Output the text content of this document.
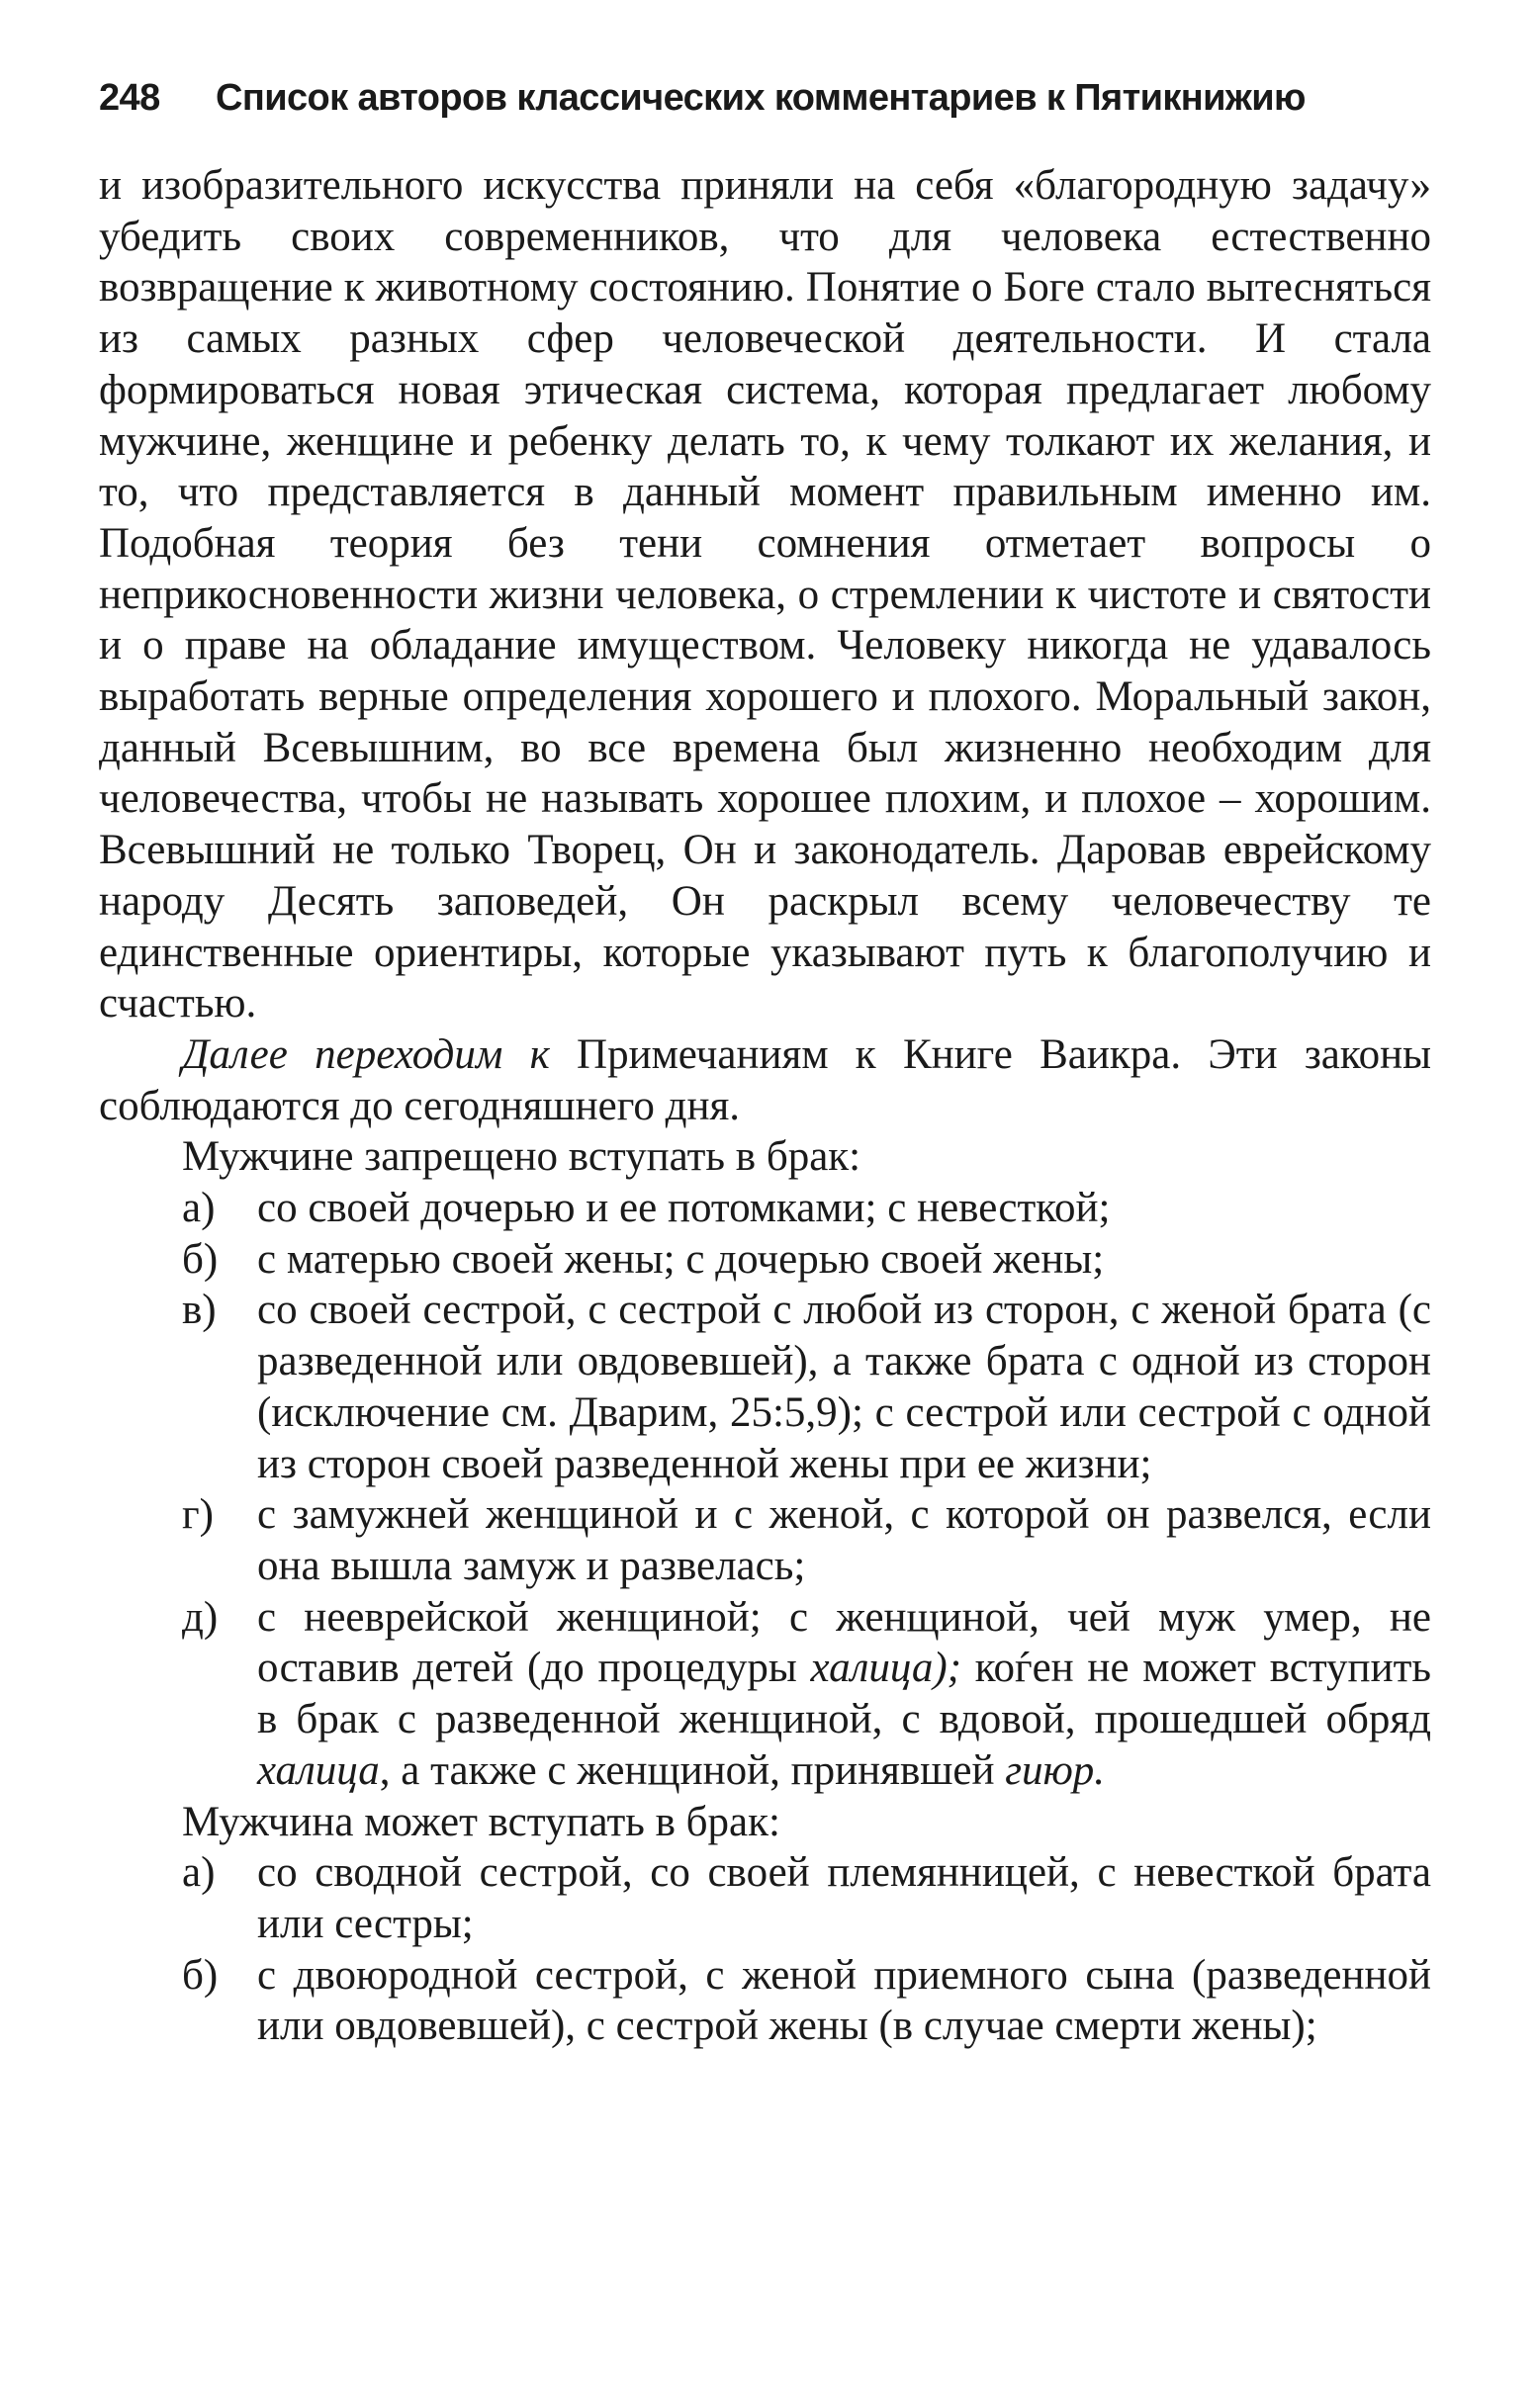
248 Список авторов классических комментариев к Пятикнижию

и изобразительного искусства приняли на себя «благородную задачу» убедить своих современников, что для человека естественно возвращение к животному состоянию. Понятие о Боге стало вытесняться из самых разных сфер человеческой деятельности. И стала формироваться новая этическая система, которая предлагает любому мужчине, женщине и ребенку делать то, к чему толкают их желания, и то, что представляется в данный момент правильным именно им. Подобная теория без тени сомнения отметает вопросы о неприкосновенности жизни человека, о стремлении к чистоте и святости и о праве на обладание имуществом. Человеку никогда не удавалось выработать верные определения хорошего и плохого. Моральный закон, данный Всевышним, во все времена был жизненно необходим для человечества, чтобы не называть хорошее плохим, и плохое – хорошим. Всевышний не только Творец, Он и законодатель. Даровав еврейскому народу Десять заповедей, Он раскрыл всему человечеству те единственные ориентиры, которые указывают путь к благополучию и счастью.

Далее переходим к Примечаниям к Книге Ваикра. Эти законы соблюдаются до сегодняшнего дня.

Мужчине запрещено вступать в брак:

а) со своей дочерью и ее потомками; с невесткой;
б) с матерью своей жены; с дочерью своей жены;
в) со своей сестрой, с сестрой с любой из сторон, с женой брата (с разведенной или овдовевшей), а также брата с одной из сторон (исключение см. Дварим, 25:5,9); с сестрой или сестрой с одной из сторон своей разведенной жены при ее жизни;
г) с замужней женщиной и с женой, с которой он развелся, если она вышла замуж и развелась;
д) с нееврейской женщиной; с женщиной, чей муж умер, не оставив детей (до процедуры халица); коѓен не может вступить в брак с разведенной женщиной, с вдовой, прошедшей обряд халица, а также с женщиной, принявшей гиюр.

Мужчина может вступать в брак:

а) со сводной сестрой, со своей племянницей, с невесткой брата или сестры;
б) с двоюродной сестрой, с женой приемного сына (разведенной или овдовевшей), с сестрой жены (в случае смерти жены);
